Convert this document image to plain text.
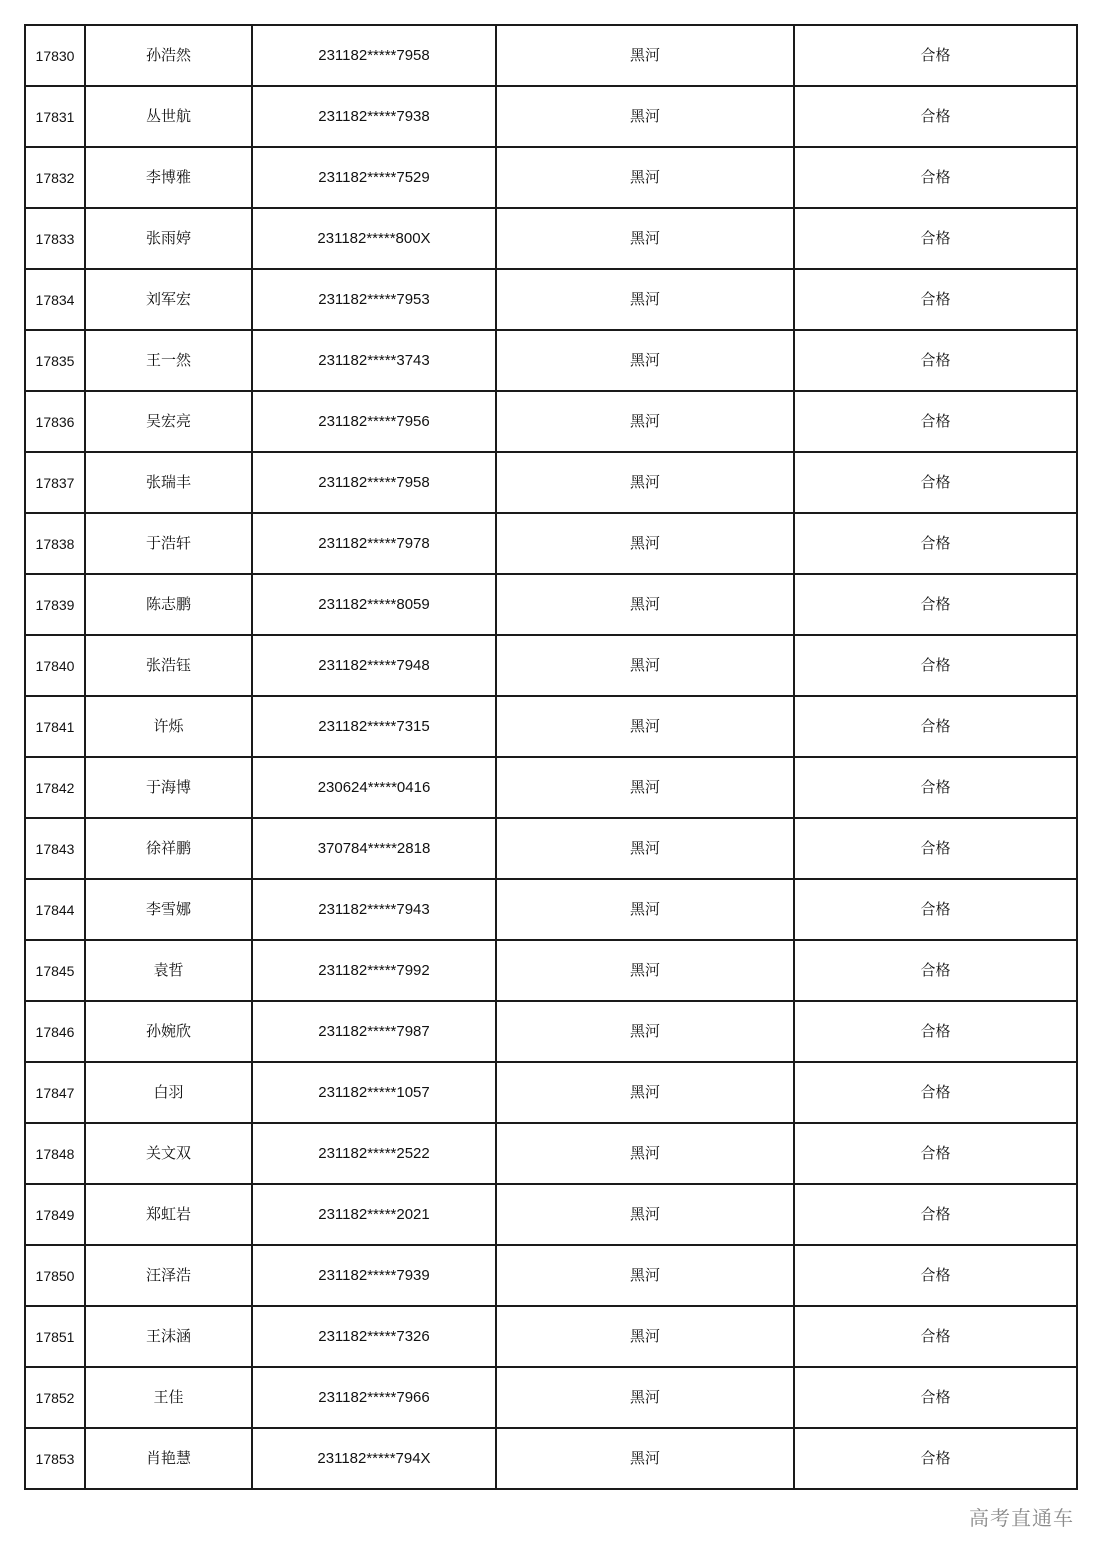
17830	孙浩然	231182*****7958	黑河	合格
17831	丛世航	231182*****7938	黑河	合格
17832	李博雅	231182*****7529	黑河	合格
17833	张雨婷	231182*****800X	黑河	合格
17834	刘军宏	231182*****7953	黑河	合格
17835	王一然	231182*****3743	黑河	合格
17836	吴宏亮	231182*****7956	黑河	合格
17837	张瑞丰	231182*****7958	黑河	合格
17838	于浩轩	231182*****7978	黑河	合格
17839	陈志鹏	231182*****8059	黑河	合格
17840	张浩钰	231182*****7948	黑河	合格
17841	许烁	231182*****7315	黑河	合格
17842	于海博	230624*****0416	黑河	合格
17843	徐祥鹏	370784*****2818	黑河	合格
17844	李雪娜	231182*****7943	黑河	合格
17845	袁哲	231182*****7992	黑河	合格
17846	孙婉欣	231182*****7987	黑河	合格
17847	白羽	231182*****1057	黑河	合格
17848	关文双	231182*****2522	黑河	合格
17849	郑虹岩	231182*****2021	黑河	合格
17850	汪泽浩	231182*****7939	黑河	合格
17851	王沫涵	231182*****7326	黑河	合格
17852	王佳	231182*****7966	黑河	合格
17853	肖艳慧	231182*****794X	黑河	合格
高考直通车
